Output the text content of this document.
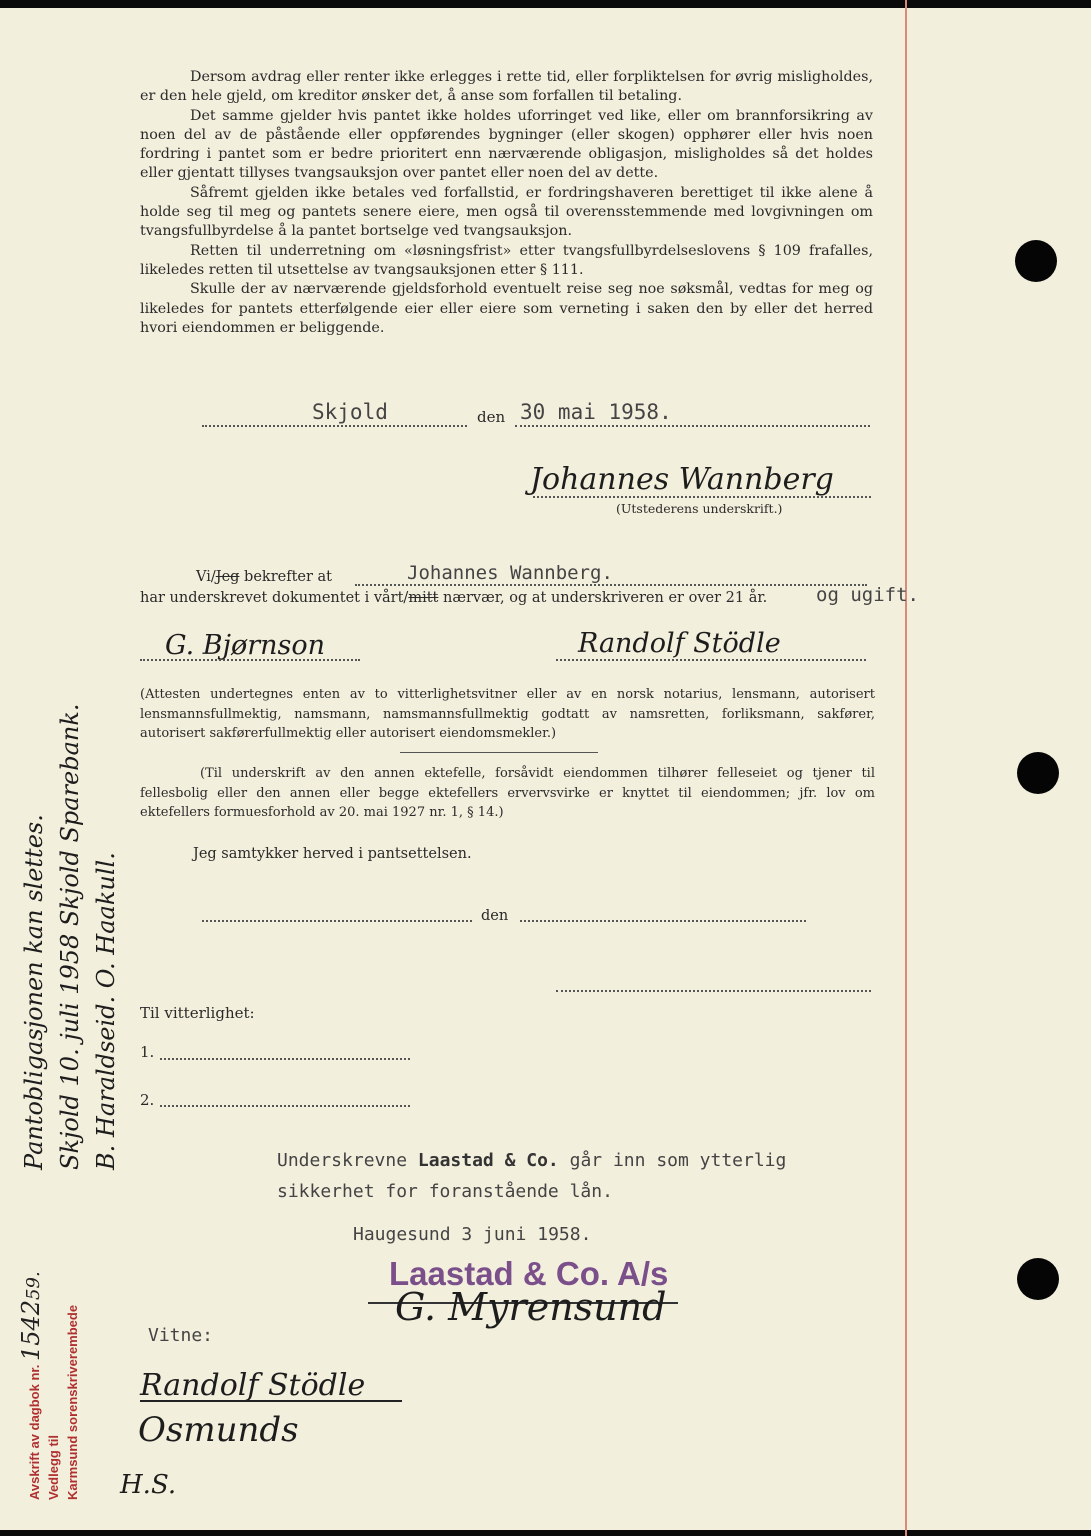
Dersom avdrag eller renter ikke erlegges i rette tid, eller forpliktelsen for øvrig misligholdes, er den hele gjeld, om kreditor ønsker det, å anse som forfallen til betaling.

Det samme gjelder hvis pantet ikke holdes uforringet ved like, eller om brannforsikring av noen del av de påstående eller oppførendes bygninger (eller skogen) opphører eller hvis noen fordring i pantet som er bedre prioritert enn nærværende obligasjon, misligholdes så det holdes eller gjentatt tillyses tvangsauksjon over pantet eller noen del av dette.

Såfremt gjelden ikke betales ved forfallstid, er fordringshaveren berettiget til ikke alene å holde seg til meg og pantets senere eiere, men også til overensstemmende med lovgivningen om tvangsfullbyrdelse å la pantet bortselge ved tvangsauksjon.

Retten til underretning om «løsningsfrist» etter tvangsfullbyrdelseslovens § 109 frafalles, likeledes retten til utsettelse av tvangsauksjonen etter § 111.

Skulle der av nærværende gjeldsforhold eventuelt reise seg noe søksmål, vedtas for meg og likeledes for pantets etterfølgende eier eller eiere som verneting i saken den by eller det herred hvori eiendommen er beliggende.

Skjold	den 30 mai 1958.
Johannes Wannberg
(Utstederens underskrift.)
Vi/Jeg bekrefter at	Johannes Wannberg.
har underskrevet dokumentet i vårt/mitt nærvær, og at underskriveren er over 21 år.	og ugift.
G. Bjørnson	Randolf Stödle
(Attesten undertegnes enten av to vitterlighetsvitner eller av en norsk notarius, lensmann, autorisert lensmannsfullmektig, namsmann, namsmannsfullmektig godtatt av namsretten, forliksmann, sakfører, autorisert sakførerfullmektig eller autorisert eiendomsmekler.)
(Til underskrift av den annen ektefelle, forsåvidt eiendommen tilhører felleseiet og tjener til fellesbolig eller den annen eller begge ektefellers ervervsvirke er knyttet til eiendommen; jfr. lov om ektefellers formuesforhold av 20. mai 1927 nr. 1, § 14.)
Jeg samtykker herved i pantsettelsen.
den
Til vitterlighet:
1.
2.
Underskrevne Laastad & Co. går inn som ytterlig
sikkerhet for foranstående lån.
Haugesund 3 juni 1958.
Laastad & Co. A/s
G. Myrensund
Vitne:
Randolf Stödle
Osmunds
H.S.
Pantobligasjonen kan slettes. Skjold 10. juli 1958 Skjold Sparebank. B. Haraldseid. O. Haakull.
Avskrift av dagbok nr. 154259.
Vedlegg til Karmsund sorenskriverembede
